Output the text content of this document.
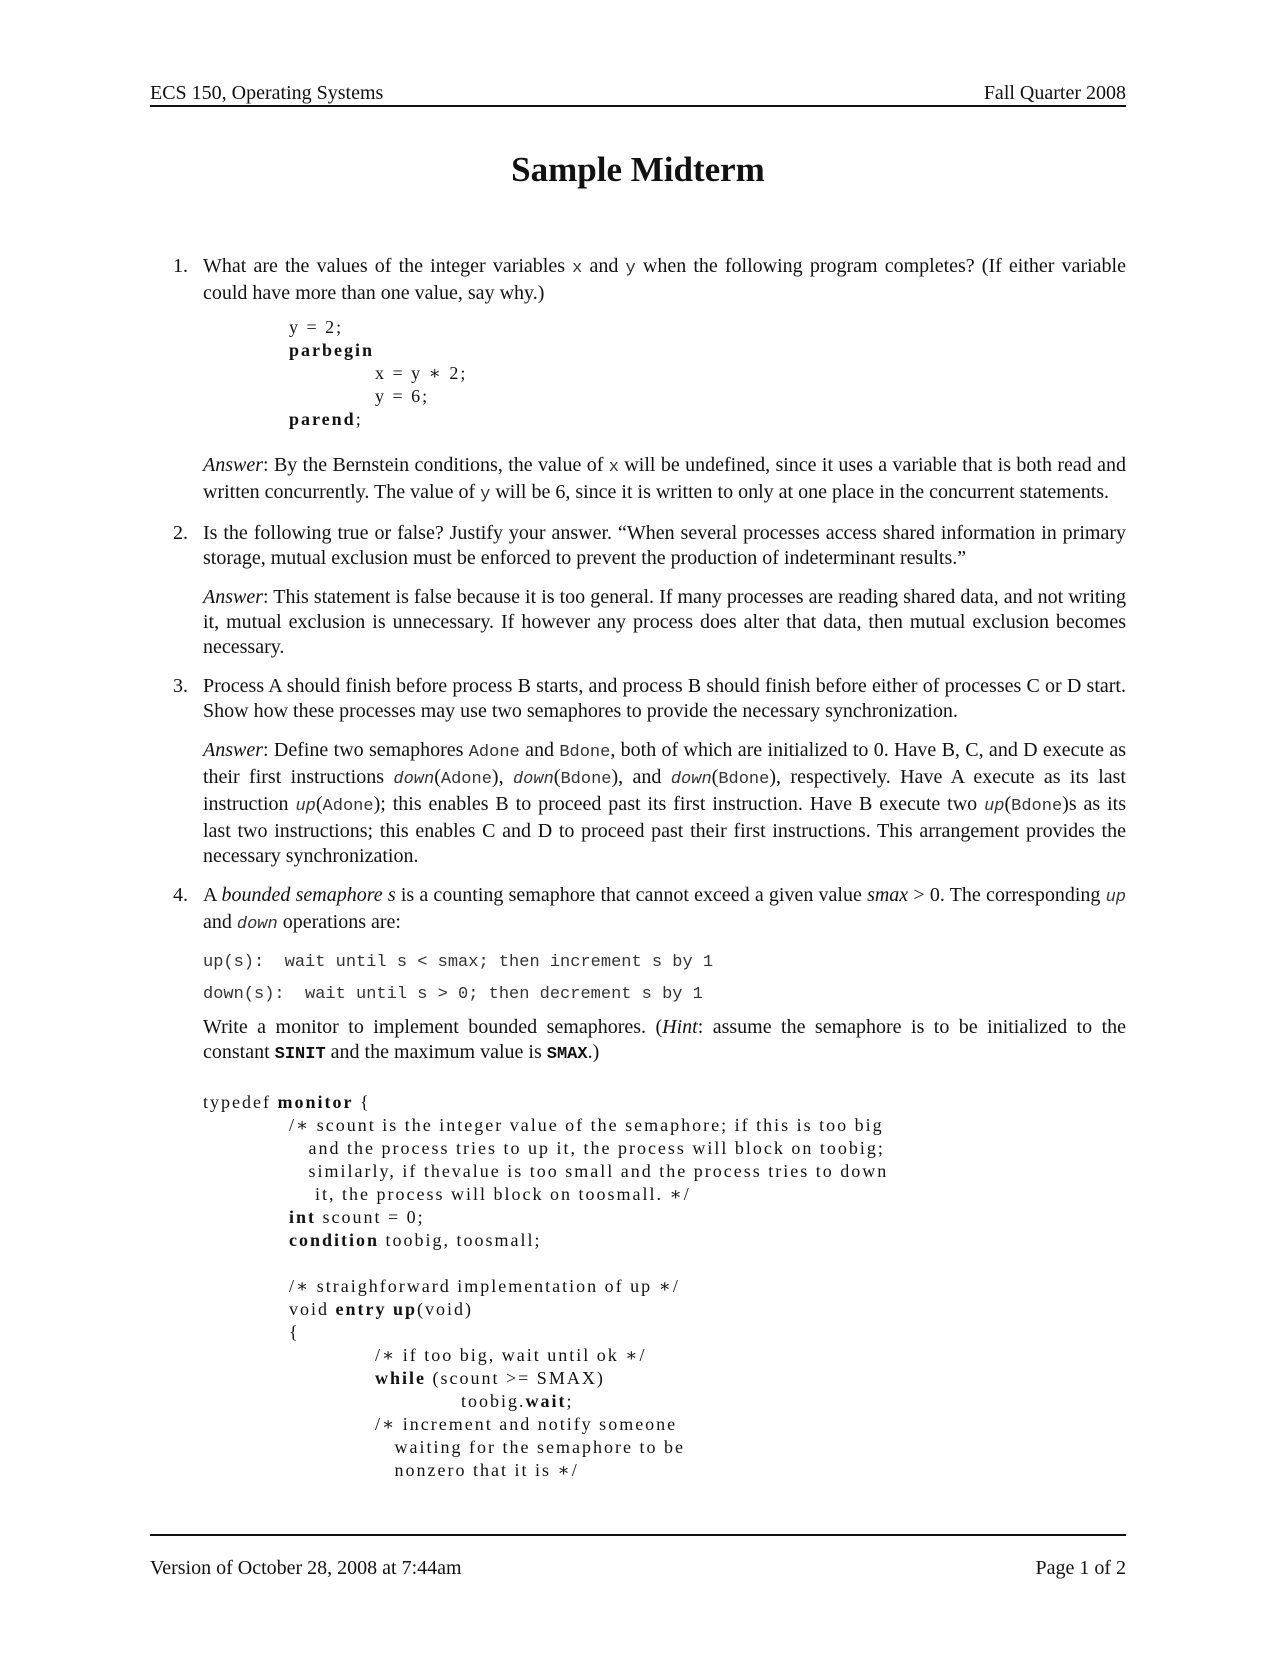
ECS 150, Operating Systems	Fall Quarter 2008
Sample Midterm
1. What are the values of the integer variables x and y when the following program completes? (If either variable could have more than one value, say why.)

y = 2;
parbegin
x = y ∗ 2;
y = 6;
parend;

Answer: By the Bernstein conditions, the value of x will be undefined, since it uses a variable that is both read and written concurrently. The value of y will be 6, since it is written to only at one place in the concurrent statements.

2. Is the following true or false? Justify your answer. “When several processes access shared information in primary storage, mutual exclusion must be enforced to prevent the production of indeterminant results.”

Answer: This statement is false because it is too general. If many processes are reading shared data, and not writing it, mutual exclusion is unnecessary. If however any process does alter that data, then mutual exclusion becomes necessary.

3. Process A should finish before process B starts, and process B should finish before either of processes C or D start. Show how these processes may use two semaphores to provide the necessary synchronization.

Answer: Define two semaphores Adone and Bdone, both of which are initialized to 0. Have B, C, and D execute as their first instructions down(Adone), down(Bdone), and down(Bdone), respectively. Have A execute as its last instruction up(Adone); this enables B to proceed past its first instruction. Have B execute two up(Bdone)s as its last two instructions; this enables C and D to proceed past their first instructions. This arrangement provides the necessary synchronization.

4. A bounded semaphore s is a counting semaphore that cannot exceed a given value smax > 0. The corresponding up and down operations are:

up(s):  wait until s < smax; then increment s by 1
down(s):  wait until s > 0; then decrement s by 1

Write a monitor to implement bounded semaphores. (Hint: assume the semaphore is to be initialized to the constant SINIT and the maximum value is SMAX.)

typedef monitor {
/∗ scount is the integer value of the semaphore; if this is too big
and the process tries to up it, the process will block on toobig;
similarly, if thevalue is too small and the process tries to down
it, the process will block on toosmall. ∗/
int scount = 0;
condition toobig, toosmall;

/∗ straighforward implementation of up ∗/
void entry up(void)
{
/∗ if too big, wait until ok ∗/
while (scount >= SMAX)
toobig.wait;
/∗ increment and notify someone
waiting for the semaphore to be
nonzero that it is ∗/
Version of October 28, 2008 at 7:44am	Page 1 of 2
